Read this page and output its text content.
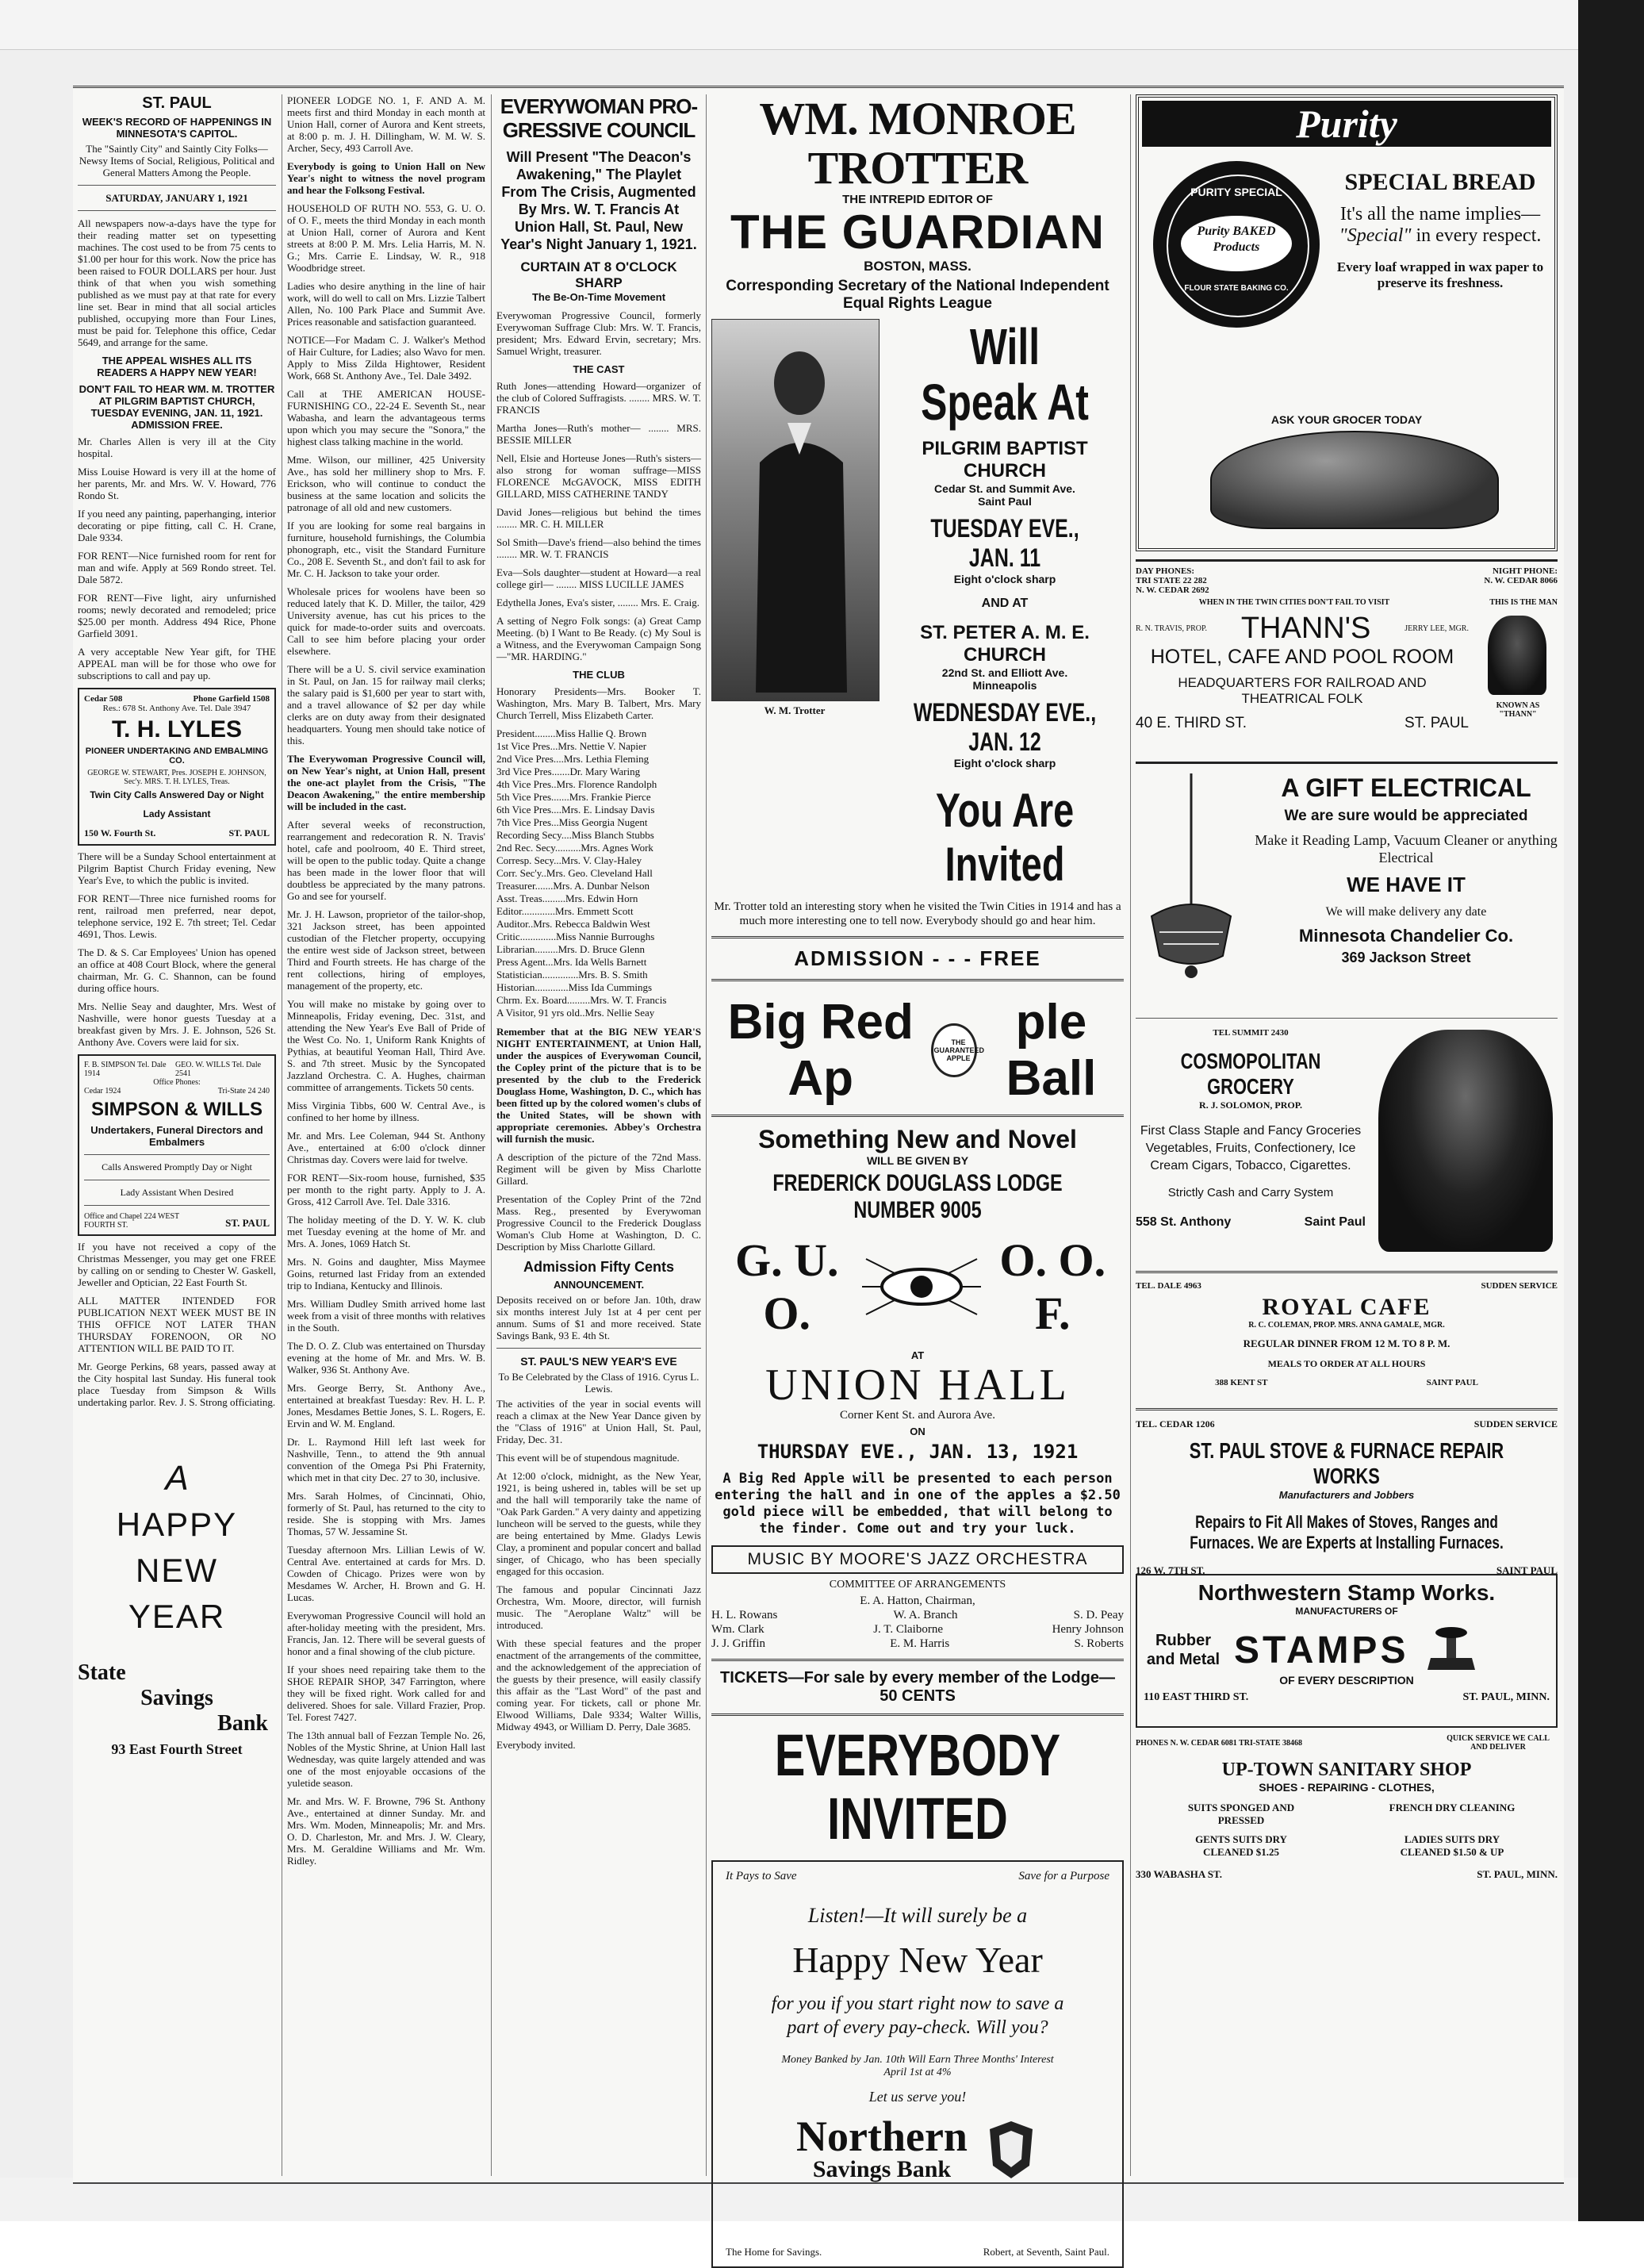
ST. PAUL
WEEK'S RECORD OF HAPPENINGS IN MINNESOTA'S CAPITOL.

The "Saintly City" and Saintly City Folks—Newsy Items of Social, Religious, Political and General Matters Among the People.

SATURDAY, JANUARY 1, 1921

All newspapers now-a-days have the type for their reading matter set on typesetting machines. The cost used to be from 75 cents to $1.00 per hour for this work. Now the price has been raised to FOUR DOLLARS per hour. Just think of that when you wish something published as we must pay at that rate for every line set. Bear in mind that all social articles published, occupying more than Four Lines, must be paid for. Telephone this office, Cedar 5649, and arrange for the same.

THE APPEAL WISHES ALL ITS READERS A HAPPY NEW YEAR!
DON'T FAIL TO HEAR WM. M. TROTTER AT PILGRIM BAPTIST CHURCH, TUESDAY EVENING, JAN. 11, 1921. ADMISSION FREE.

Mr. Charles Allen is very ill at the City hospital.

Miss Louise Howard is very ill at the home of her parents, Mr. and Mrs. W. V. Howard, 776 Rondo St.

If you need any painting, paperhanging, interior decorating or pipe fitting, call C. H. Crane, Dale 9334.

FOR RENT—Nice furnished room for rent for man and wife. Apply at 569 Rondo street. Tel. Dale 5872.

FOR RENT—Five light, airy unfurnished rooms; newly decorated and remodeled; price $25.00 per month. Address 494 Rice, Phone Garfield 3091.

A very acceptable New Year gift, for THE APPEAL man will be for those who owe for subscriptions to call and pay up.

Cedar 508	Phone Garfield 1508
Res.: 678 St. Anthony Ave. Tel. Dale 3947
T. H. LYLES
PIONEER UNDERTAKING AND EMBALMING CO.
GEORGE W. STEWART, Pres. JOSEPH E. JOHNSON, Sec'y. MRS. T. H. LYLES, Treas.
Twin City Calls Answered Day or Night
Lady Assistant
150 W. Fourth St.	ST. PAUL

There will be a Sunday School entertainment at Pilgrim Baptist Church Friday evening, New Year's Eve, to which the public is invited.

FOR RENT—Three nice furnished rooms for rent, railroad men preferred, near depot, telephone service, 192 E. 7th street; Tel. Cedar 4691, Thos. Lewis.

The D. & S. Car Employees' Union has opened an office at 408 Court Block, where the general chairman, Mr. G. C. Shannon, can be found during office hours.

Mrs. Nellie Seay and daughter, Mrs. West of Nashville, were honor guests Tuesday at a breakfast given by Mrs. J. E. Johnson, 526 St. Anthony Ave. Covers were laid for six.

F. B. SIMPSON Tel. Dale 1914
GEO. W. WILLS Tel. Dale 2541
Office Phones:
Cedar 1924	Tri-State 24 240
SIMPSON & WILLS
Undertakers, Funeral Directors and Embalmers
Calls Answered Promptly Day or Night
Lady Assistant When Desired
Office and Chapel 224 WEST FOURTH ST.	ST. PAUL

If you have not received a copy of the Christmas Messenger, you may get one FREE by calling on or sending to Chester W. Gaskell, Jeweller and Optician, 22 East Fourth St.

ALL MATTER INTENDED FOR PUBLICATION NEXT WEEK MUST BE IN THIS OFFICE NOT LATER THAN THURSDAY FORENOON, OR NO ATTENTION WILL BE PAID TO IT.

Mr. George Perkins, 68 years, passed away at the City hospital last Sunday. His funeral took place Tuesday from Simpson & Wills undertaking parlor. Rev. J. S. Strong officiating.

A
HAPPY
NEW
YEAR
State
Savings
Bank
93 East Fourth Street

PIONEER LODGE NO. 1, F. AND A. M. meets first and third Monday in each month at Union Hall, corner of Aurora and Kent streets, at 8:00 p. m. J. H. Dillingham, W. M. W. S. Archer, Secy, 493 Carroll Ave.

Everybody is going to Union Hall on New Year's night to witness the novel program and hear the Folksong Festival.

HOUSEHOLD OF RUTH NO. 553, G. U. O. of O. F., meets the third Monday in each month at Union Hall, corner of Aurora and Kent streets at 8:00 P. M. Mrs. Lelia Harris, M. N. G.; Mrs. Carrie E. Lindsay, W. R., 918 Woodbridge street.

Ladies who desire anything in the line of hair work, will do well to call on Mrs. Lizzie Talbert Allen, No. 100 Park Place and Summit Ave. Prices reasonable and satisfaction guaranteed.

NOTICE—For Madam C. J. Walker's Method of Hair Culture, for Ladies; also Wavo for men. Apply to Miss Zilda Hightower, Resident Work, 668 St. Anthony Ave., Tel. Dale 3492.

Call at THE AMERICAN HOUSE-FURNISHING CO., 22-24 E. Seventh St., near Wabasha, and learn the advantageous terms upon which you may secure the "Sonora," the highest class talking machine in the world.

Mme. Wilson, our milliner, 425 University Ave., has sold her millinery shop to Mrs. F. Erickson, who will continue to conduct the business at the same location and solicits the patronage of all old and new customers.

If you are looking for some real bargains in furniture, household furnishings, the Columbia phonograph, etc., visit the Standard Furniture Co., 208 E. Seventh St., and don't fail to ask for Mr. C. H. Jackson to take your order.

Wholesale prices for woolens have been so reduced lately that K. D. Miller, the tailor, 429 University avenue, has cut his prices to the quick for made-to-order suits and overcoats. Call to see him before placing your order elsewhere.

There will be a U. S. civil service examination in St. Paul, on Jan. 15 for railway mail clerks; the salary paid is $1,600 per year to start with, and a travel allowance of $2 per day while clerks are on duty away from their designated headquarters. Young men should take notice of this.

The Everywoman Progressive Council will, on New Year's night, at Union Hall, present the one-act playlet from the Crisis, "The Deacon Awakening," the entire membership will be included in the cast.

After several weeks of reconstruction, rearrangement and redecoration R. N. Travis' hotel, cafe and poolroom, 40 E. Third street, will be open to the public today. Quite a change has been made in the lower floor that will doubtless be appreciated by the many patrons. Go and see for yourself.

Mr. J. H. Lawson, proprietor of the tailor-shop, 321 Jackson street, has been appointed custodian of the Fletcher property, occupying the entire west side of Jackson street, between Third and Fourth streets. He has charge of the rent collections, hiring of employes, management of the property, etc.

You will make no mistake by going over to Minneapolis, Friday evening, Dec. 31st, and attending the New Year's Eve Ball of Pride of the West Co. No. 1, Uniform Rank Knights of Pythias, at beautiful Yeoman Hall, Third Ave. S. and 7th street. Music by the Syncopated Jazzland Orchestra. C. A. Hughes, chairman committee of arrangements. Tickets 50 cents.

Miss Virginia Tibbs, 600 W. Central Ave., is confined to her home by illness.

Mr. and Mrs. Lee Coleman, 944 St. Anthony Ave., entertained at 6:00 o'clock dinner Christmas day. Covers were laid for twelve.

FOR RENT—Six-room house, furnished, $35 per month to the right party. Apply to J. A. Gross, 412 Carroll Ave. Tel. Dale 3316.

The holiday meeting of the D. Y. W. K. club met Tuesday evening at the home of Mr. and Mrs. A. Jones, 1069 Hatch St.

Mrs. N. Goins and daughter, Miss Maymee Goins, returned last Friday from an extended trip to Indiana, Kentucky and Illinois.

Mrs. William Dudley Smith arrived home last week from a visit of three months with relatives in the South.

The D. O. Z. Club was entertained on Thursday evening at the home of Mr. and Mrs. W. B. Walker, 936 St. Anthony Ave.

Mrs. George Berry, St. Anthony Ave., entertained at breakfast Tuesday: Rev. H. L. P. Jones, Mesdames Bettie Jones, S. L. Rogers, E. Ervin and W. M. England.

Dr. L. Raymond Hill left last week for Nashville, Tenn., to attend the 9th annual convention of the Omega Psi Phi Fraternity, which met in that city Dec. 27 to 30, inclusive.

Mrs. Sarah Holmes, of Cincinnati, Ohio, formerly of St. Paul, has returned to the city to reside. She is stopping with Mrs. James Thomas, 57 W. Jessamine St.

Tuesday afternoon Mrs. Lillian Lewis of W. Central Ave. entertained at cards for Mrs. D. Cowden of Chicago. Prizes were won by Mesdames W. Archer, H. Brown and G. H. Lucas.

Everywoman Progressive Council will hold an after-holiday meeting with the president, Mrs. Francis, Jan. 12. There will be several guests of honor and a final showing of the club picture.

If your shoes need repairing take them to the SHOE REPAIR SHOP, 347 Farrington, where they will be fixed right. Work called for and delivered. Shoes for sale. Villard Frazier, Prop. Tel. Forest 7427.

The 13th annual ball of Fezzan Temple No. 26, Nobles of the Mystic Shrine, at Union Hall last Wednesday, was quite largely attended and was one of the most enjoyable occasions of the yuletide season.

Mr. and Mrs. W. F. Browne, 796 St. Anthony Ave., entertained at dinner Sunday. Mr. and Mrs. Wm. Moden, Minneapolis; Mr. and Mrs. O. D. Charleston, Mr. and Mrs. J. W. Cleary, Mrs. M. Geraldine Williams and Mr. Wm. Ridley.

EVERYWOMAN PRO-
GRESSIVE COUNCIL
Will Present "The Deacon's Awakening," The Playlet From The Crisis, Augmented By Mrs. W. T. Francis At Union Hall, St. Paul, New Year's Night January 1, 1921.
CURTAIN AT 8 O'CLOCK SHARP
The Be-On-Time Movement

Everywoman Progressive Council, formerly Everywoman Suffrage Club: Mrs. W. T. Francis, president; Mrs. Edward Ervin, secretary; Mrs. Samuel Wright, treasurer.

THE CAST

Ruth Jones—attending Howard—organizer of the club of Colored Suffragists. ........ MRS. W. T. FRANCIS

Martha Jones—Ruth's mother— ........ MRS. BESSIE MILLER

Nell, Elsie and Horteuse Jones—Ruth's sisters—also strong for woman suffrage—MISS FLORENCE McGAVOCK, MISS EDITH GILLARD, MISS CATHERINE TANDY

David Jones—religious but behind the times ........ MR. C. H. MILLER

Sol Smith—Dave's friend—also behind the times ........ MR. W. T. FRANCIS

Eva—Sols daughter—student at Howard—a real college girl— ........ MISS LUCILLE JAMES

Edythella Jones, Eva's sister, ........ Mrs. E. Craig.

A setting of Negro Folk songs: (a) Great Camp Meeting. (b) I Want to Be Ready. (c) My Soul is a Witness, and the Everywoman Campaign Song—"MR. HARDING."

THE CLUB

Honorary Presidents—Mrs. Booker T. Washington, Mrs. Mary B. Talbert, Mrs. Mary Church Terrell, Miss Elizabeth Carter.

President........Miss Hallie Q. Brown
1st Vice Pres...Mrs. Nettie V. Napier
2nd Vice Pres....Mrs. Lethia Fleming
3rd Vice Pres.......Dr. Mary Waring
4th Vice Pres..Mrs. Florence Randolph
5th Vice Pres.......Mrs. Frankie Pierce
6th Vice Pres....Mrs. E. Lindsay Davis
7th Vice Pres...Miss Georgia Nugent
Recording Secy....Miss Blanch Stubbs
2nd Rec. Secy..........Mrs. Agnes Work
Corresp. Secy...Mrs. V. Clay-Haley
Corr. Sec'y..Mrs. Geo. Cleveland Hall
Treasurer.......Mrs. A. Dunbar Nelson
Asst. Treas.........Mrs. Edwin Horn
Editor.............Mrs. Emmett Scott
Auditor..Mrs. Rebecca Baldwin West
Critic..............Miss Nannie Burroughs
Librarian.........Mrs. D. Bruce Glenn
Press Agent...Mrs. Ida Wells Barnett
Statistician..............Mrs. B. S. Smith
Historian.............Miss Ida Cummings
Chrm. Ex. Board.........Mrs. W. T. Francis
A Visitor, 91 yrs old..Mrs. Nellie Seay

Remember that at the BIG NEW YEAR'S NIGHT ENTERTAINMENT, at Union Hall, under the auspices of Everywoman Council, the Copley print of the picture that is to be presented by the club to the Frederick Douglass Home, Washington, D. C., which has been fitted up by the colored women's clubs of the United States, will be shown with appropriate ceremonies. Abbey's Orchestra will furnish the music.

A description of the picture of the 72nd Mass. Regiment will be given by Miss Charlotte Gillard.

Presentation of the Copley Print of the 72nd Mass. Reg., presented by Everywoman Progressive Council to the Frederick Douglass Woman's Club Home at Washington, D. C. Description by Miss Charlotte Gillard.

Admission Fifty Cents
ANNOUNCEMENT.

Deposits received on or before Jan. 10th, draw six months interest July 1st at 4 per cent per annum. Sums of $1 and more received. State Savings Bank, 93 E. 4th St.

ST. PAUL'S NEW YEAR'S EVE
To Be Celebrated by the Class of 1916. Cyrus L. Lewis.

The activities of the year in social events will reach a climax at the New Year Dance given by the "Class of 1916" at Union Hall, St. Paul, Friday, Dec. 31.

This event will be of stupendous magnitude.

At 12:00 o'clock, midnight, as the New Year, 1921, is being ushered in, tables will be set up and the hall will temporarily take the name of "Oak Park Garden." A very dainty and appetizing luncheon will be served to the guests, while they are being entertained by Mme. Gladys Lewis Clay, a prominent and popular concert and ballad singer, of Chicago, who has been specially engaged for this occasion.

The famous and popular Cincinnati Jazz Orchestra, Wm. Moore, director, will furnish music. The "Aeroplane Waltz" will be introduced.

With these special features and the proper enactment of the arrangements of the committee, and the acknowledgement of the appreciation of the guests by their presence, will easily classify this affair as the "Last Word" of the past and coming year. For tickets, call or phone Mr. Elwood Williams, Dale 9334; Walter Willis, Midway 4943, or William D. Perry, Dale 3685.

Everybody invited.

WM. MONROE TROTTER
THE INTREPID EDITOR OF
THE GUARDIAN
BOSTON, MASS.
Corresponding Secretary of the National Independent Equal Rights League
W. M. Trotter
Will Speak At
PILGRIM BAPTIST CHURCH
Cedar St. and Summit Ave.
Saint Paul
TUESDAY EVE., JAN. 11
Eight o'clock sharp
AND AT
ST. PETER A. M. E. CHURCH
22nd St. and Elliott Ave.
Minneapolis
WEDNESDAY EVE., JAN. 12
Eight o'clock sharp
You Are Invited

Mr. Trotter told an interesting story when he visited the Twin Cities in 1914 and has a much more interesting one to tell now. Everybody should go and hear him.

ADMISSION - - - FREE
Big Red Ap
THE GUARANTEED APPLE
ple Ball
Something New and Novel
WILL BE GIVEN BY
FREDERICK DOUGLASS LODGE NUMBER 9005
G. U. O.
O. O. F.
AT
UNION HALL
Corner Kent St. and Aurora Ave.
ON
THURSDAY EVE., JAN. 13, 1921
A Big Red Apple will be presented to each person entering the hall and in one of the apples a $2.50 gold piece will be embedded, that will belong to the finder. Come out and try your luck.
MUSIC BY MOORE'S JAZZ ORCHESTRA
COMMITTEE OF ARRANGEMENTS
E. A. Hatton, Chairman,
H. L. Rowans	W. A. Branch	S. D. Peay
Wm. Clark	J. T. Claiborne	Henry Johnson
J. J. Griffin	E. M. Harris	S. Roberts
TICKETS—For sale by every member of the Lodge—50 CENTS
EVERYBODY INVITED
It Pays to Save	Save for a Purpose
Listen!—It will surely be a
Happy New Year
for you if you start right now to save a part of every pay-check. Will you?
Money Banked by Jan. 10th Will Earn Three Months' Interest April 1st at 4%
Let us serve you!
Northern
Savings Bank
The Home for Savings.	Robert, at Seventh, Saint Paul.
Purity
PURITY SPECIAL
Purity BAKED Products
FLOUR STATE BAKING CO.
SPECIAL BREAD
It's all the name implies—
"Special" in every respect.
Every loaf wrapped in wax paper to preserve its freshness.
ASK YOUR GROCER TODAY
DAY PHONES:
TRI STATE 22 282
N. W. CEDAR 2692
NIGHT PHONE:
N. W. CEDAR 8066
WHEN IN THE TWIN CITIES DON'T FAIL TO VISIT	THIS IS THE MAN
R. N. TRAVIS, PROP. THANN'S	JERRY LEE, MGR.
HOTEL, CAFE AND POOL ROOM
HEADQUARTERS FOR RAILROAD AND THEATRICAL FOLK
40 E. THIRD ST.	ST. PAUL
KNOWN AS "THANN"
A GIFT ELECTRICAL
We are sure would be appreciated
Make it Reading Lamp, Vacuum Cleaner or anything Electrical
WE HAVE IT
We will make delivery any date
Minnesota Chandelier Co.
369 Jackson Street
TEL SUMMIT 2430
COSMOPOLITAN GROCERY
R. J. SOLOMON, PROP.
First Class Staple and Fancy Groceries Vegetables, Fruits, Confectionery, Ice Cream Cigars, Tobacco, Cigarettes.
Strictly Cash and Carry System
558 St. Anthony	Saint Paul
TEL. DALE 4963	SUDDEN SERVICE
ROYAL CAFE
R. C. COLEMAN, PROP. MRS. ANNA GAMALE, MGR.
REGULAR DINNER FROM 12 M. TO 8 P. M.
MEALS TO ORDER AT ALL HOURS
388 KENT ST	SAINT PAUL
TEL. CEDAR 1206	SUDDEN SERVICE
ST. PAUL STOVE & FURNACE REPAIR WORKS
Manufacturers and Jobbers
Repairs to Fit All Makes of Stoves, Ranges and Furnaces. We are Experts at Installing Furnaces.
126 W. 7TH ST.	SAINT PAUL
Northwestern Stamp Works.
MANUFACTURERS OF
Rubber and Metal STAMPS
OF EVERY DESCRIPTION
110 EAST THIRD ST.	ST. PAUL, MINN.
PHONES N. W. CEDAR 6081 TRI-STATE 38468	QUICK SERVICE WE CALL AND DELIVER
UP-TOWN SANITARY SHOP
SHOES - REPAIRING - CLOTHES,
SUITS SPONGED AND PRESSED
FRENCH DRY CLEANING
GENTS SUITS DRY CLEANED $1.25
LADIES SUITS DRY CLEANED $1.50 & UP
330 WABASHA ST.	ST. PAUL, MINN.
